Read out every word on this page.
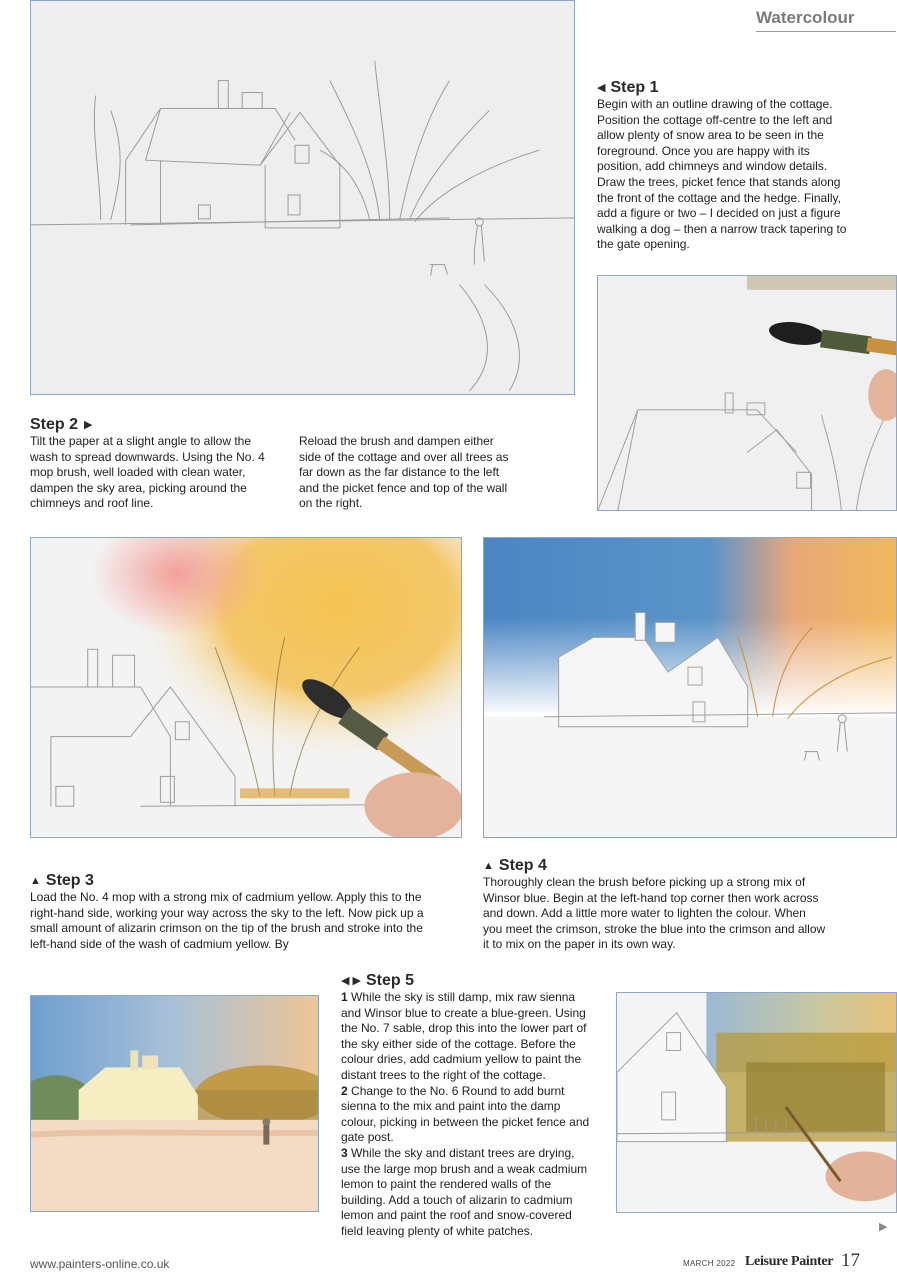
Watercolour
◀ Step 1
Begin with an outline drawing of the cottage. Position the cottage off-centre to the left and allow plenty of snow area to be seen in the foreground. Once you are happy with its position, add chimneys and window details. Draw the trees, picket fence that stands along the front of the cottage and the hedge. Finally, add a figure or two – I decided on just a figure walking a dog – then a narrow track tapering to the gate opening.
Step 2 ▶
Tilt the paper at a slight angle to allow the wash to spread downwards. Using the No. 4 mop brush, well loaded with clean water, dampen the sky area, picking around the chimneys and roof line.
Reload the brush and dampen either side of the cottage and over all trees as far down as the far distance to the left and the picket fence and top of the wall on the right.
▲ Step 3
Load the No. 4 mop with a strong mix of cadmium yellow. Apply this to the right-hand side, working your way across the sky to the left. Now pick up a small amount of alizarin crimson on the tip of the brush and stroke into the left-hand side of the wash of cadmium yellow. By
▲ Step 4
Thoroughly clean the brush before picking up a strong mix of Winsor blue. Begin at the left-hand top corner then work across and down. Add a little more water to lighten the colour. When you meet the crimson, stroke the blue into the crimson and allow it to mix on the paper in its own way.
◀ ▶ Step 5
1 While the sky is still damp, mix raw sienna and Winsor blue to create a blue-green. Using the No. 7 sable, drop this into the lower part of the sky either side of the cottage. Before the colour dries, add cadmium yellow to paint the distant trees to the right of the cottage.
2 Change to the No. 6 Round to add burnt sienna to the mix and paint into the damp colour, picking in between the picket fence and gate post.
3 While the sky and distant trees are drying, use the large mop brush and a weak cadmium lemon to paint the rendered walls of the building. Add a touch of alizarin to cadmium lemon and paint the roof and snow-covered field leaving plenty of white patches.	▶
www.painters-online.co.uk	MARCH 2022 Leisure Painter 17
